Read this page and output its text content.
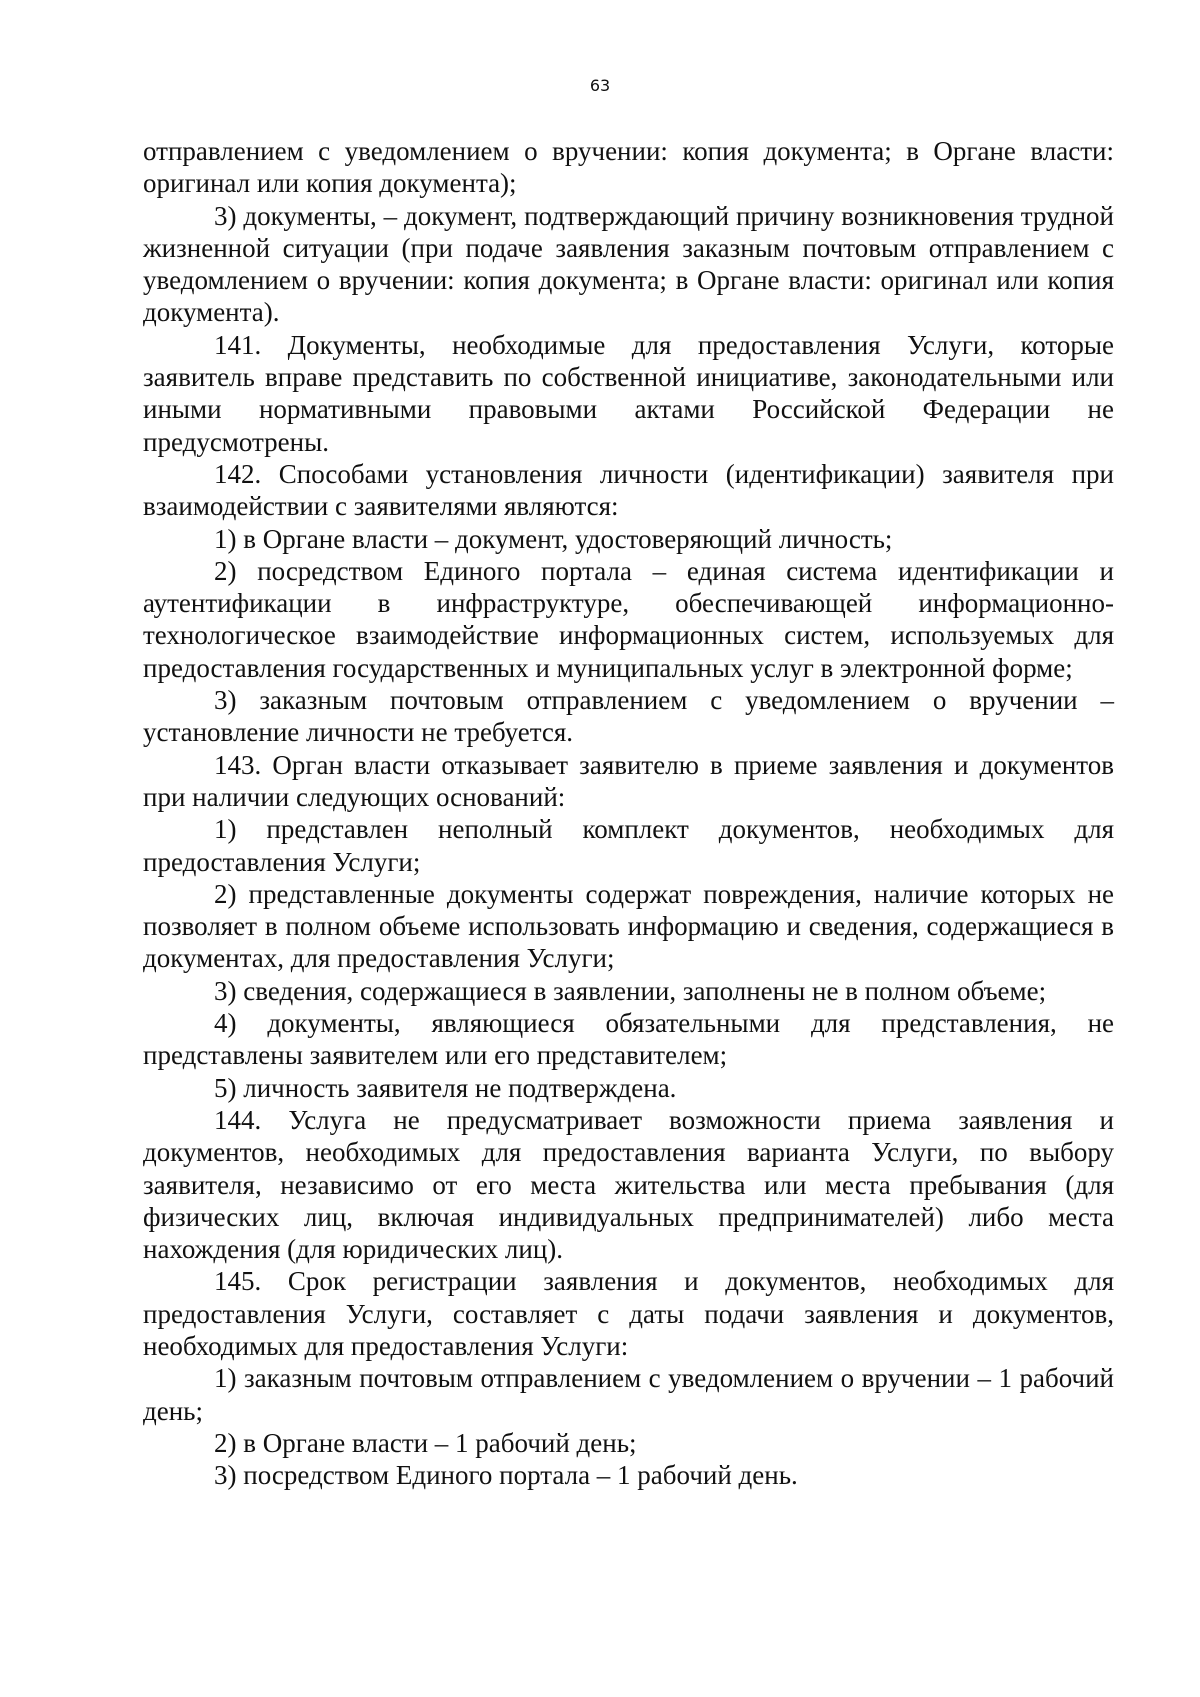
63

отправлением с уведомлением о вручении: копия документа; в Органе власти: оригинал или копия документа);

3) документы, – документ, подтверждающий причину возникновения трудной жизненной ситуации (при подаче заявления заказным почтовым отправлением с уведомлением о вручении: копия документа; в Органе власти: оригинал или копия документа).

141. Документы, необходимые для предоставления Услуги, которые заявитель вправе представить по собственной инициативе, законодательными или иными нормативными правовыми актами Российской Федерации не предусмотрены.

142. Способами установления личности (идентификации) заявителя при взаимодействии с заявителями являются:

1) в Органе власти – документ, удостоверяющий личность;

2) посредством Единого портала – единая система идентификации и аутентификации в инфраструктуре, обеспечивающей информационно-технологическое взаимодействие информационных систем, используемых для предоставления государственных и муниципальных услуг в электронной форме;

3) заказным почтовым отправлением с уведомлением о вручении – установление личности не требуется.

143. Орган власти отказывает заявителю в приеме заявления и документов при наличии следующих оснований:

1) представлен неполный комплект документов, необходимых для предоставления Услуги;

2) представленные документы содержат повреждения, наличие которых не позволяет в полном объеме использовать информацию и сведения, содержащиеся в документах, для предоставления Услуги;

3) сведения, содержащиеся в заявлении, заполнены не в полном объеме;

4) документы, являющиеся обязательными для представления, не представлены заявителем или его представителем;

5) личность заявителя не подтверждена.

144. Услуга не предусматривает возможности приема заявления и документов, необходимых для предоставления варианта Услуги, по выбору заявителя, независимо от его места жительства или места пребывания (для физических лиц, включая индивидуальных предпринимателей) либо места нахождения (для юридических лиц).

145. Срок регистрации заявления и документов, необходимых для предоставления Услуги, составляет с даты подачи заявления и документов, необходимых для предоставления Услуги:

1) заказным почтовым отправлением с уведомлением о вручении – 1 рабочий день;

2) в Органе власти – 1 рабочий день;

3) посредством Единого портала – 1 рабочий день.
